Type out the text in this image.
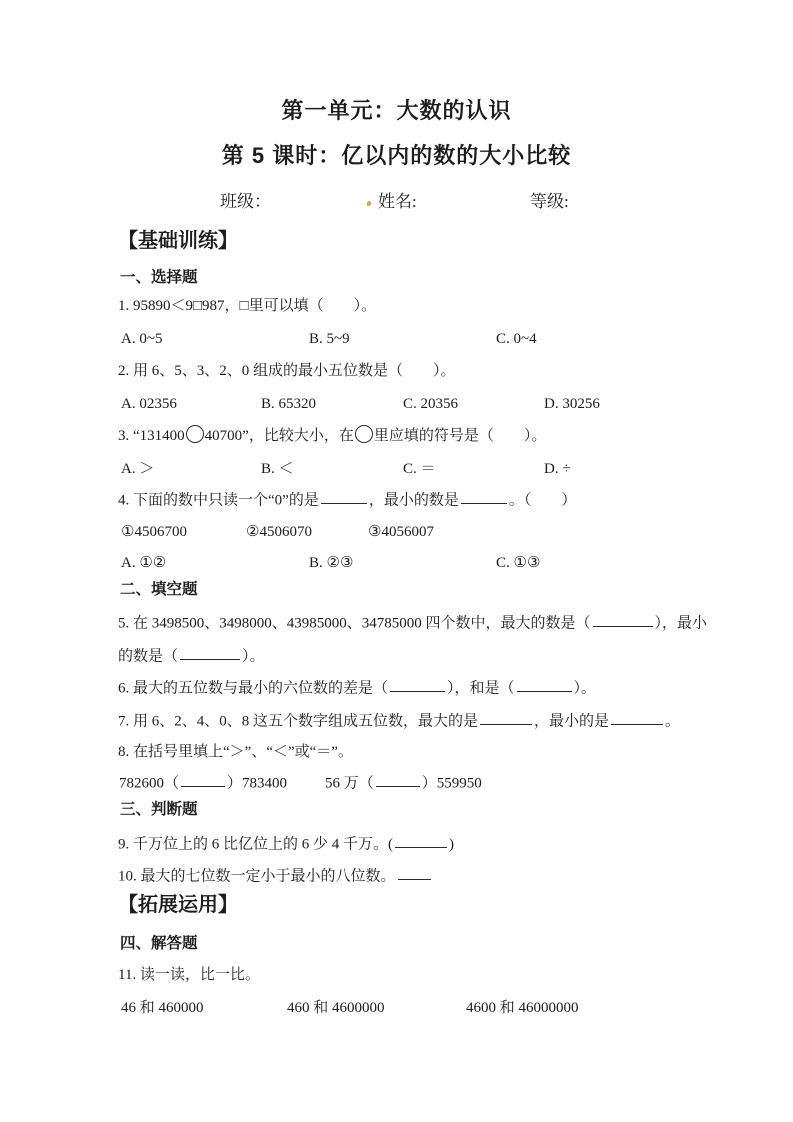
第一单元：大数的认识
第 5 课时：亿以内的数的大小比较
班级：	姓名:	等级:
【基础训练】
一、选择题
1. 95890＜9□987，□里可以填（　　）。
A. 0~5	B. 5~9	C. 0~4
2. 用 6、5、3、2、0 组成的最小五位数是（　　）。
A. 02356	B. 65320	C. 20356	D. 30256
3. “131400 40700”，比较大小，在 里应填的符号是（　　）。
A. ＞	B. ＜	C. ＝	D. ÷
4. 下面的数中只读一个“0”的是	，最小的数是	。（　　）
①4506700	②4506070	③4056007
A. ①②	B. ②③	C. ①③
二、填空题
5. 在 3498500、3498000、43985000、34785000 四个数中，最大的数是（	），最小
的数是（	）。
6. 最大的五位数与最小的六位数的差是（	），和是（	）。
7. 用 6、2、4、0、8 这五个数字组成五位数，最大的是	，最小的是	。
8. 在括号里填上“＞”、“＜”或“＝”。
782600（	）783400	56 万（	）559950
三、判断题
9. 千万位上的 6 比亿位上的 6 少 4 千万。(	)
10. 最大的七位数一定小于最小的八位数。
【拓展运用】
四、解答题
11. 读一读，比一比。
46 和 460000	460 和 4600000	4600 和 46000000
